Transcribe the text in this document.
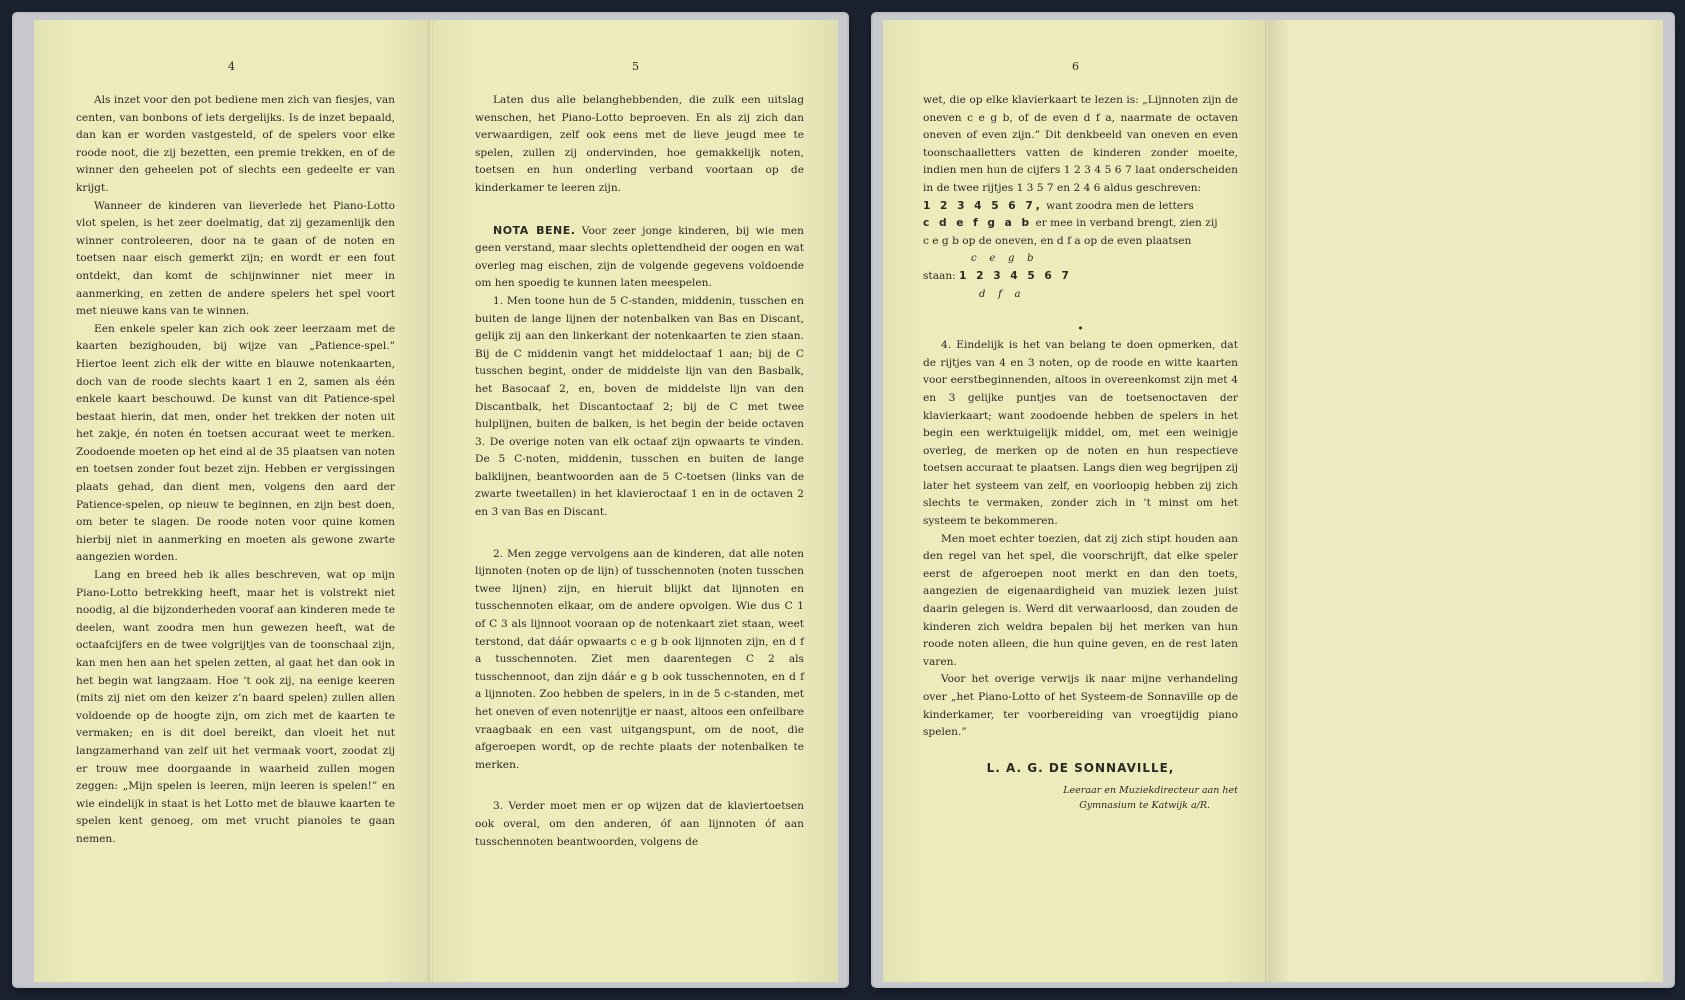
4

Als inzet voor den pot bediene men zich van fiesjes, van centen, van bonbons of iets dergelijks. Is de inzet bepaald, dan kan er worden vastgesteld, of de spelers voor elke roode noot, die zij bezetten, een premie trekken, en of de winner den geheelen pot of slechts een gedeelte er van krijgt.

Wanneer de kinderen van lieverlede het Piano-Lotto vlot spelen, is het zeer doelmatig, dat zij gezamenlijk den winner controleeren, door na te gaan of de noten en toetsen naar eisch gemerkt zijn; en wordt er een fout ontdekt, dan komt de schijnwinner niet meer in aanmerking, en zetten de andere spelers het spel voort met nieuwe kans van te winnen.

Een enkele speler kan zich ook zeer leerzaam met de kaarten bezighouden, bij wijze van „Patience-spel.” Hiertoe leent zich elk der witte en blauwe notenkaarten, doch van de roode slechts kaart 1 en 2, samen als één enkele kaart beschouwd. De kunst van dit Patience-spel bestaat hierin, dat men, onder het trekken der noten uit het zakje, én noten én toetsen accuraat weet te merken. Zoodoende moeten op het eind al de 35 plaatsen van noten en toetsen zonder fout bezet zijn. Hebben er vergissingen plaats gehad, dan dient men, volgens den aard der Patience-spelen, op nieuw te beginnen, en zijn best doen, om beter te slagen. De roode noten voor quine komen hierbij niet in aanmerking en moeten als gewone zwarte aangezien worden.

Lang en breed heb ik alles beschreven, wat op mijn Piano-Lotto betrekking heeft, maar het is volstrekt niet noodig, al die bijzonderheden vooraf aan kinderen mede te deelen, want zoodra men hun gewezen heeft, wat de octaafcijfers en de twee volgrijtjes van de toonschaal zijn, kan men hen aan het spelen zetten, al gaat het dan ook in het begin wat langzaam. Hoe ’t ook zij, na eenige keeren (mits zij niet om den keizer z’n baard spelen) zullen allen voldoende op de hoogte zijn, om zich met de kaarten te vermaken; en is dit doel bereikt, dan vloeit het nut langzamerhand van zelf uit het vermaak voort, zoodat zij er trouw mee doorgaande in waarheid zullen mogen zeggen: „Mijn spelen is leeren, mijn leeren is spelen!” en wie eindelijk in staat is het Lotto met de blauwe kaarten te spelen kent genoeg, om met vrucht pianoles te gaan nemen.

5

Laten dus alle belanghebbenden, die zulk een uitslag wenschen, het Piano-Lotto beproeven. En als zij zich dan verwaardigen, zelf ook eens met de lieve jeugd mee te spelen, zullen zij ondervinden, hoe gemakkelijk noten, toetsen en hun onderling verband voortaan op de kinderkamer te leeren zijn.

NOTA BENE. Voor zeer jonge kinderen, bij wie men geen verstand, maar slechts oplettendheid der oogen en wat overleg mag eischen, zijn de volgende gegevens voldoende om hen spoedig te kunnen laten meespelen.

1. Men toone hun de 5 C-standen, middenin, tusschen en buiten de lange lijnen der notenbalken van Bas en Discant, gelijk zij aan den linkerkant der notenkaarten te zien staan. Bij de C middenin vangt het middeloctaaf 1 aan; bij de C tusschen begint, onder de middelste lijn van den Basbalk, het Basocaaf 2, en, boven de middelste lijn van den Discantbalk, het Discantoctaaf 2; bij de C met twee hulplijnen, buiten de balken, is het begin der beide octaven 3. De overige noten van elk octaaf zijn opwaarts te vinden. De 5 C-noten, middenin, tusschen en buiten de lange balklijnen, beantwoorden aan de 5 C-toetsen (links van de zwarte tweetallen) in het klavieroctaaf 1 en in de octaven 2 en 3 van Bas en Discant.

2. Men zegge vervolgens aan de kinderen, dat alle noten lijnnoten (noten op de lijn) of tusschennoten (noten tusschen twee lijnen) zijn, en hieruit blijkt dat lijnnoten en tusschennoten elkaar, om de andere opvolgen. Wie dus C 1 of C 3 als lijnnoot vooraan op de notenkaart ziet staan, weet terstond, dat dáár opwaarts c e g b ook lijnnoten zijn, en d f a tusschennoten. Ziet men daarentegen C 2 als tusschennoot, dan zijn dáár e g b ook tusschennoten, en d f a lijnnoten. Zoo hebben de spelers, in in de 5 c-standen, met het oneven of even notenrijtje er naast, altoos een onfeilbare vraagbaak en een vast uitgangspunt, om de noot, die afgeroepen wordt, op de rechte plaats der notenbalken te merken.

3. Verder moet men er op wijzen dat de klaviertoetsen ook overal, om den anderen, óf aan lijnnoten óf aan tusschennoten beantwoorden, volgens de

6

wet, die op elke klavierkaart te lezen is: „Lijnnoten zijn de oneven c e g b, of de even d f a, naarmate de octaven oneven of even zijn.” Dit denkbeeld van oneven en even toonschaalletters vatten de kinderen zonder moeite, indien men hun de cijfers 1 2 3 4 5 6 7 laat onderscheiden in de twee rijtjes 1 3 5 7 en 2 4 6 aldus geschreven:

1 2 3 4 5 6 7, want zoodra men de letters

c d e f g a b er mee in verband brengt, zien zij

c e g b op de oneven, en d f a op de even plaatsen

c    e    g    b

staan: 1 2 3 4 5 6 7

d    f    a

•

4. Eindelijk is het van belang te doen opmerken, dat de rijtjes van 4 en 3 noten, op de roode en witte kaarten voor eerstbeginnenden, altoos in overeenkomst zijn met 4 en 3 gelijke puntjes van de toetsenoctaven der klavierkaart; want zoodoende hebben de spelers in het begin een werktuigelijk middel, om, met een weinigje overleg, de merken op de noten en hun respectieve toetsen accuraat te plaatsen. Langs dien weg begrijpen zij later het systeem van zelf, en voorloopig hebben zij zich slechts te vermaken, zonder zich in ’t minst om het systeem te bekommeren.

Men moet echter toezien, dat zij zich stipt houden aan den regel van het spel, die voorschrijft, dat elke speler eerst de afgeroepen noot merkt en dan den toets, aangezien de eigenaardigheid van muziek lezen juist daarin gelegen is. Werd dit verwaarloosd, dan zouden de kinderen zich weldra bepalen bij het merken van hun roode noten alleen, die hun quine geven, en de rest laten varen.

Voor het overige verwijs ik naar mijne verhandeling over „het Piano-Lotto of het Systeem-de Sonnaville op de kinderkamer, ter voorbereiding van vroegtijdig piano spelen.”

L. A. G. DE SONNAVILLE,
Leeraar en Muziekdirecteur aan het
Gymnasium te Katwijk a/R.
